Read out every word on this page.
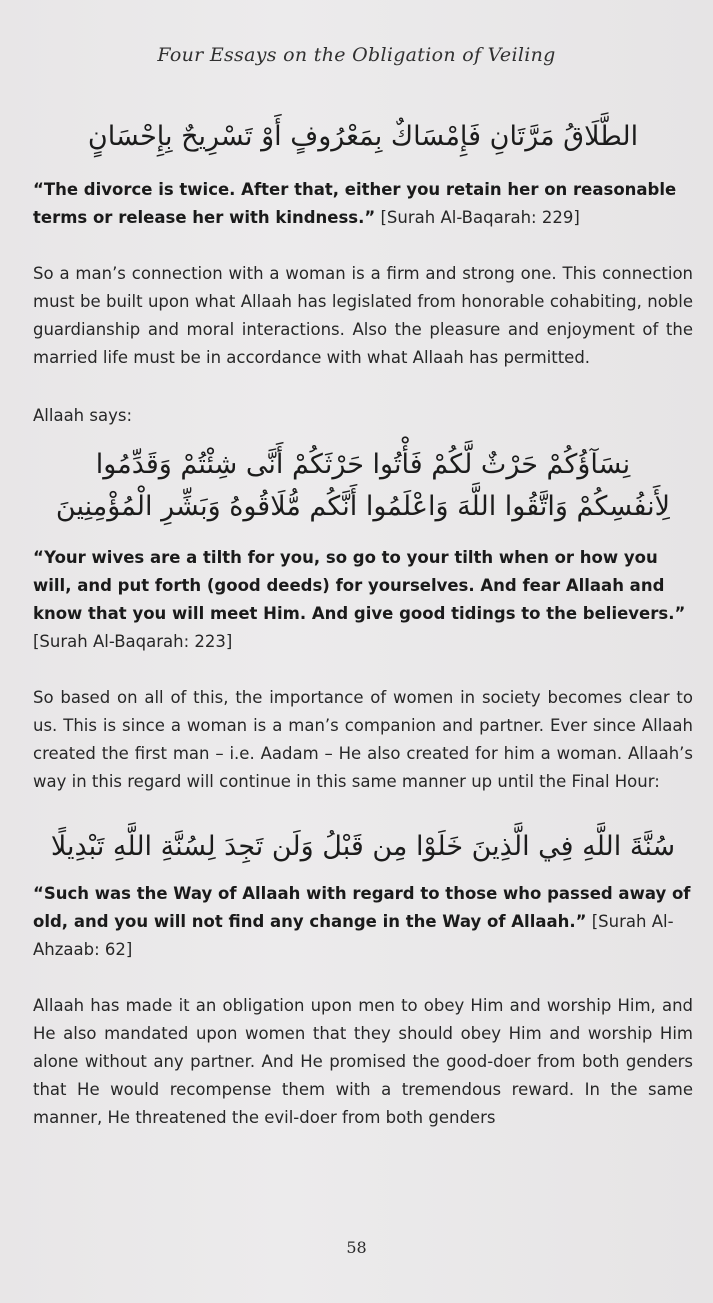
Four Essays on the Obligation of Veiling
الطَّلَاقُ مَرَّتَانِ فَإِمْسَاكٌ بِمَعْرُوفٍ أَوْ تَسْرِيحٌ بِإِحْسَانٍ
“The divorce is twice. After that, either you retain her on reasonable terms or release her with kindness.” [Surah Al-Baqarah: 229]
So a man’s connection with a woman is a firm and strong one. This connection must be built upon what Allaah has legislated from honorable cohabiting, noble guardianship and moral interactions. Also the pleasure and enjoyment of the married life must be in accordance with what Allaah has permitted.
Allaah says:
نِسَآؤُكُمْ حَرْثٌ لَّكُمْ فَأْتُوا حَرْثَكُمْ أَنَّى شِئْتُمْ وَقَدِّمُوا
لِأَنفُسِكُمْ وَاتَّقُوا اللَّهَ وَاعْلَمُوا أَنَّكُم مُّلَاقُوهُ وَبَشِّرِ الْمُؤْمِنِينَ
“Your wives are a tilth for you, so go to your tilth when or how you will, and put forth (good deeds) for yourselves. And fear Allaah and know that you will meet Him. And give good tidings to the believers.” [Surah Al-Baqarah: 223]
So based on all of this, the importance of women in society becomes clear to us. This is since a woman is a man’s companion and partner. Ever since Allaah created the first man – i.e. Aadam – He also created for him a woman. Allaah’s way in this regard will continue in this same manner up until the Final Hour:
سُنَّةَ اللَّهِ فِي الَّذِينَ خَلَوْا مِن قَبْلُ وَلَن تَجِدَ لِسُنَّةِ اللَّهِ تَبْدِيلًا
“Such was the Way of Allaah with regard to those who passed away of old, and you will not find any change in the Way of Allaah.” [Surah Al-Ahzaab: 62]
Allaah has made it an obligation upon men to obey Him and worship Him, and He also mandated upon women that they should obey Him and worship Him alone without any partner. And He promised the good-doer from both genders that He would recompense them with a tremendous reward. In the same manner, He threatened the evil-doer from both genders
58
